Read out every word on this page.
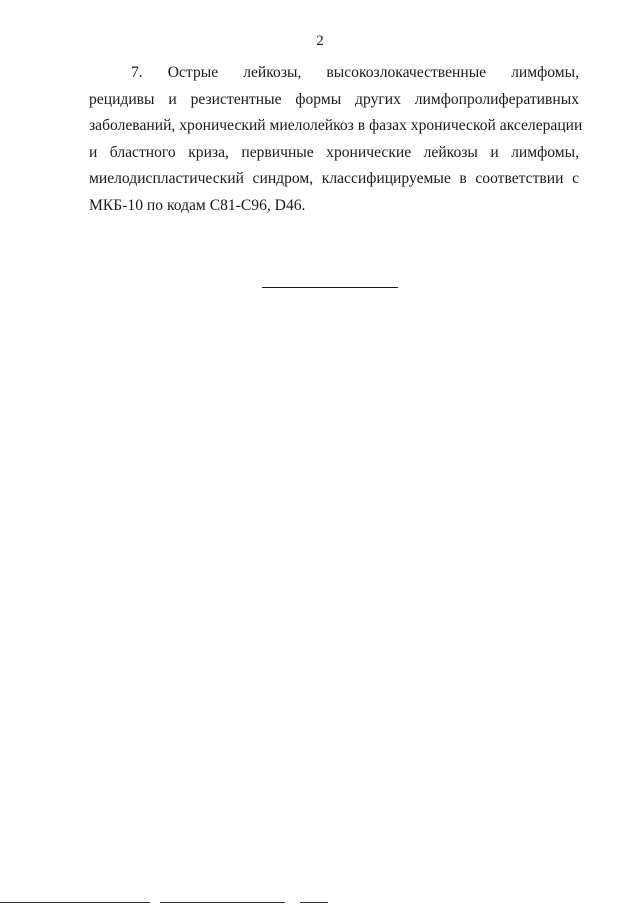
2
7. Острые лейкозы, высокозлокачественные лимфомы,
рецидивы и резистентные формы других лимфопролиферативных
заболеваний, хронический миелолейкоз в фазах хронической акселерации
и бластного криза, первичные хронические лейкозы и лимфомы,
миелодиспластический синдром, классифицируемые в соответствии с
МКБ-10 по кодам C81-C96, D46.
